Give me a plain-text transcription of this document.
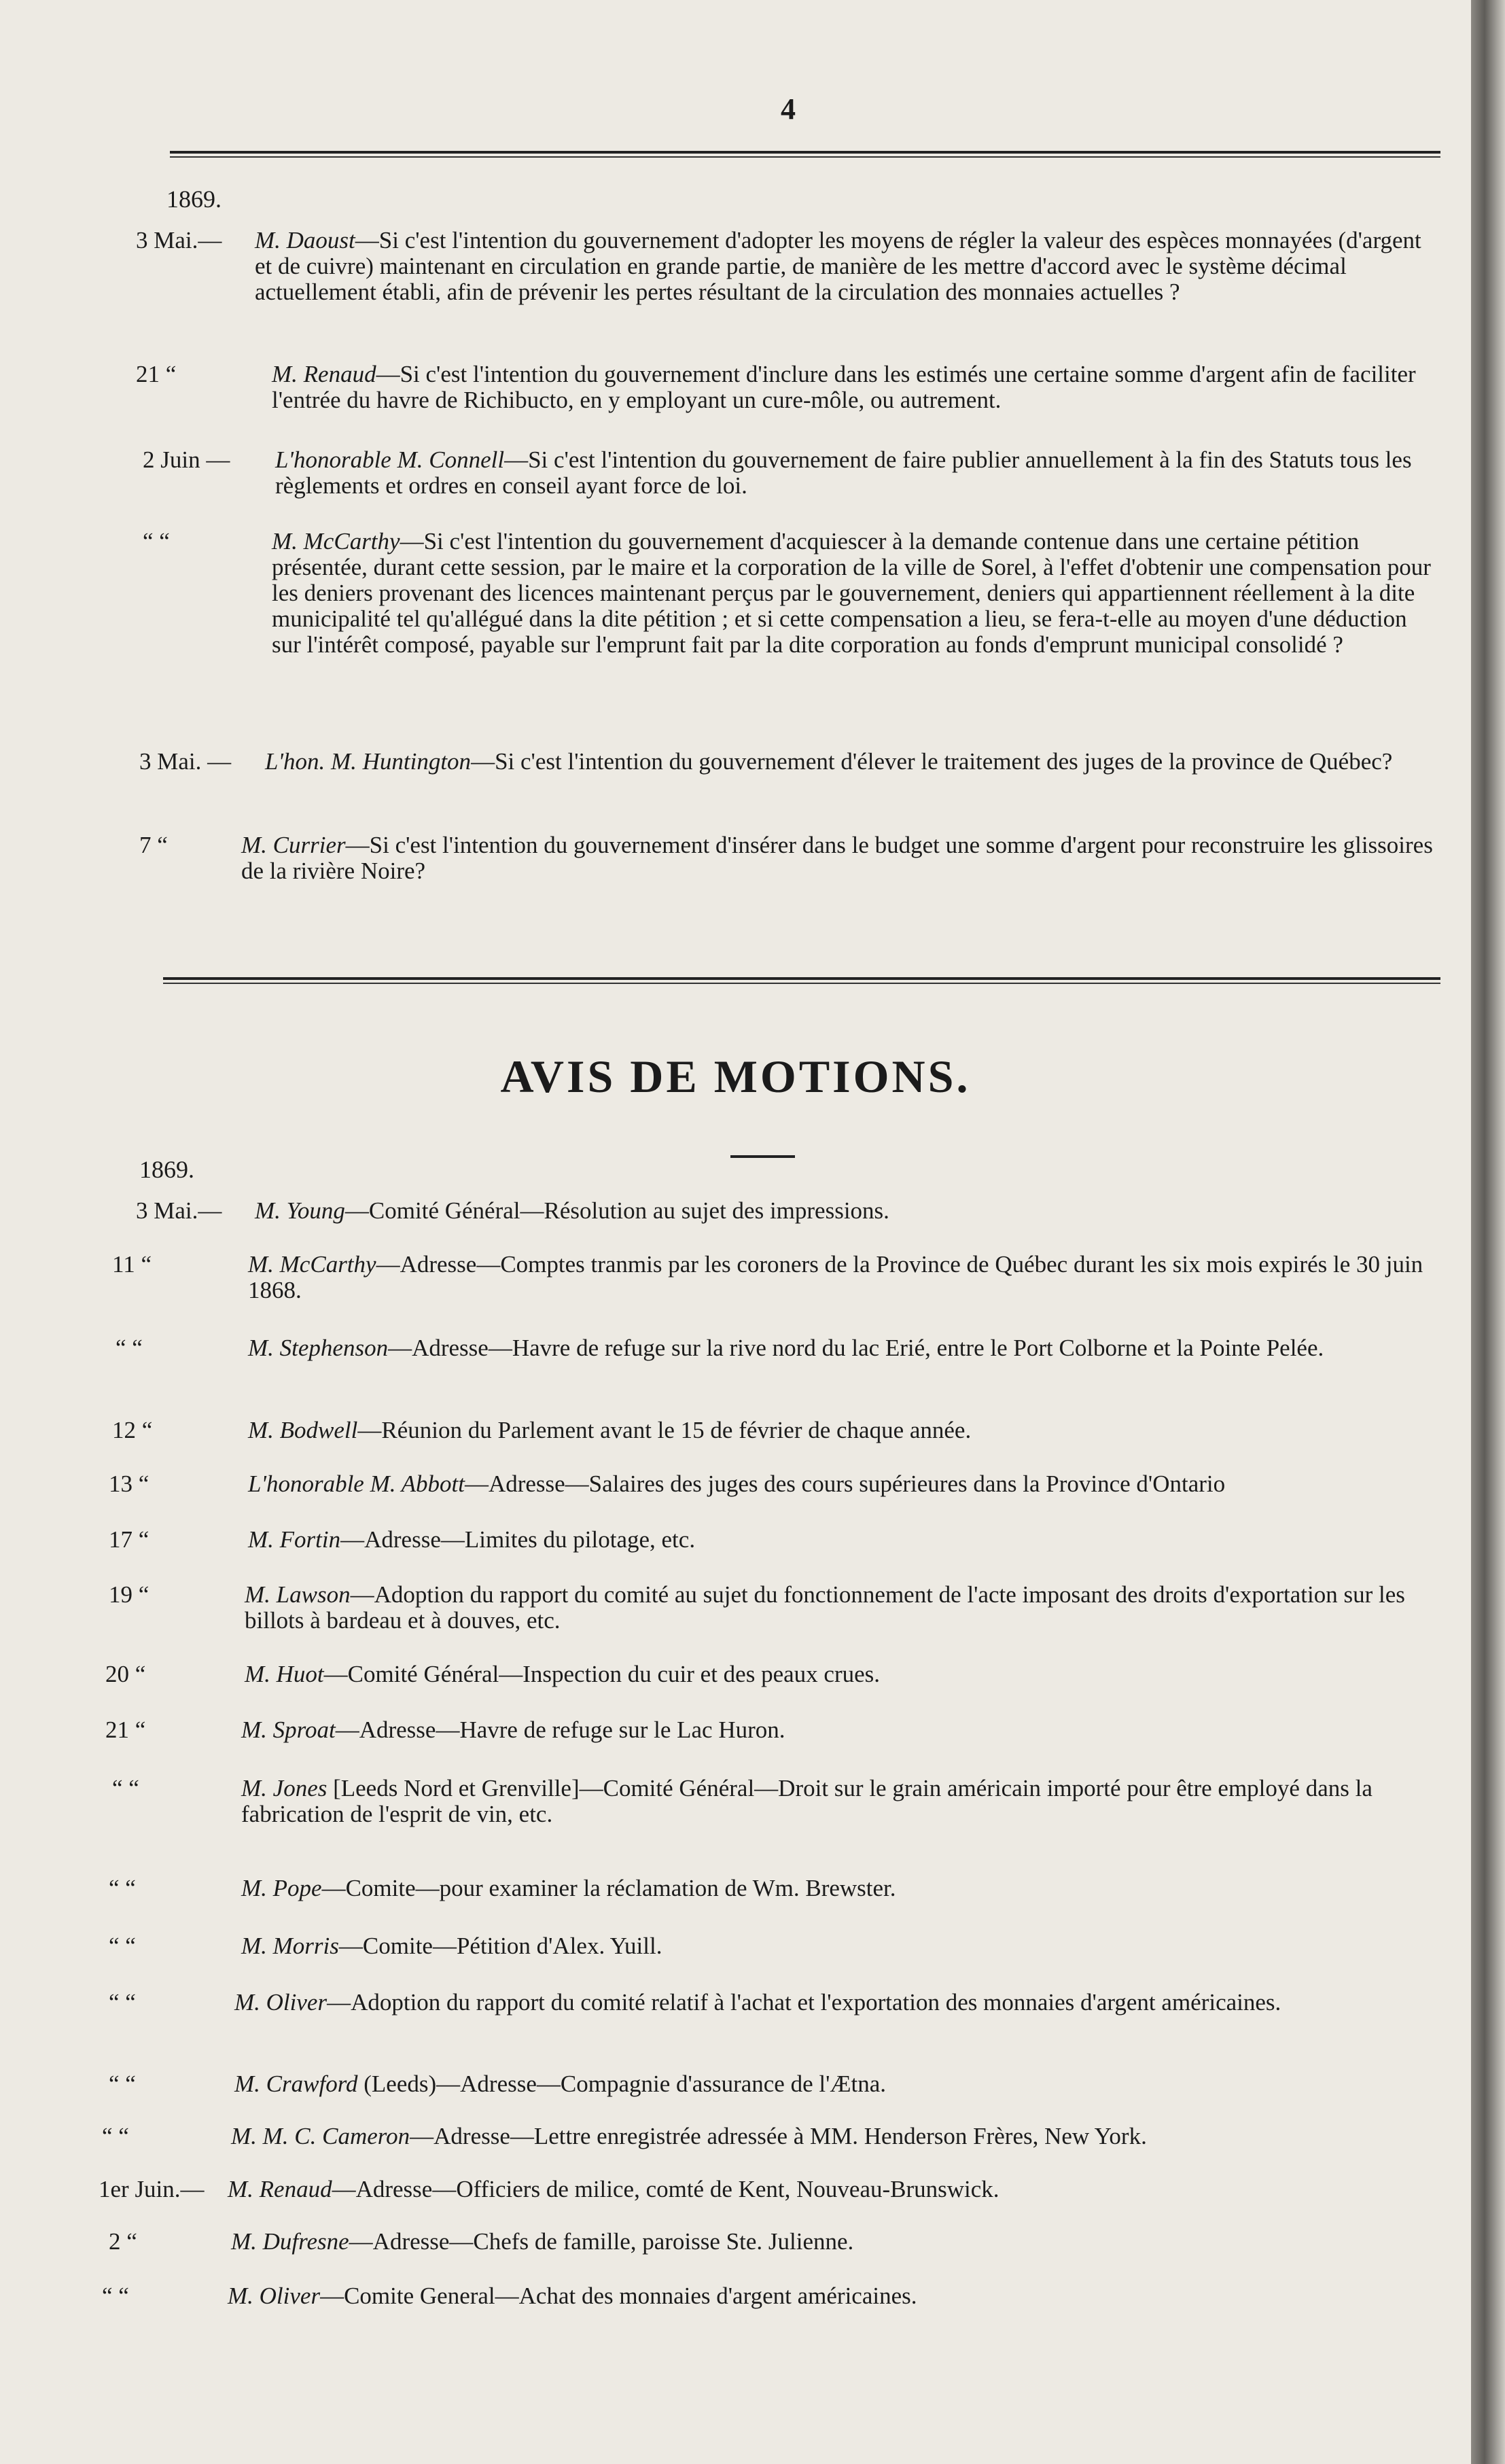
4
1869.
3 Mai.— M. Daoust—Si c'est l'intention du gouvernement d'adopter les moyens de régler la valeur des espèces monnayées (d'argent et de cuivre) maintenant en circulation en grande partie, de manière de les mettre d'accord avec le système décimal actuellement établi, afin de prévenir les pertes résultant de la circulation des monnaies actuelles ?
21 “	M. Renaud—Si c'est l'intention du gouvernement d'inclure dans les estimés une certaine somme d'argent afin de faciliter l'entrée du havre de Richibucto, en y employant un cure-môle, ou autrement.
2 Juin — L'honorable M. Connell—Si c'est l'intention du gouvernement de faire publier annuellement à la fin des Statuts tous les règlements et ordres en conseil ayant force de loi.
“ “	M. McCarthy—Si c'est l'intention du gouvernement d'acquiescer à la demande contenue dans une certaine pétition présentée, durant cette session, par le maire et la corporation de la ville de Sorel, à l'effet d'obtenir une compensation pour les deniers provenant des licences maintenant perçus par le gouvernement, deniers qui appartiennent réellement à la dite municipalité tel qu'allégué dans la dite pétition ; et si cette compensation a lieu, se fera-t-elle au moyen d'une déduction sur l'intérêt composé, payable sur l'emprunt fait par la dite corporation au fonds d'emprunt municipal consolidé ?
3 Mai. — L'hon. M. Huntington—Si c'est l'intention du gouvernement d'élever le traitement des juges de la province de Québec?
7 “	M. Currier—Si c'est l'intention du gouvernement d'insérer dans le budget une somme d'argent pour reconstruire les glissoires de la rivière Noire?
AVIS DE MOTIONS.
1869.
3 Mai.— M. Young—Comité Général—Résolution au sujet des impressions.
11 “	M. McCarthy—Adresse—Comptes tranmis par les coroners de la Province de Québec durant les six mois expirés le 30 juin 1868.
“ “	M. Stephenson—Adresse—Havre de refuge sur la rive nord du lac Erié, entre le Port Colborne et la Pointe Pelée.
12 “	M. Bodwell—Réunion du Parlement avant le 15 de février de chaque année.
13 “	L'honorable M. Abbott—Adresse—Salaires des juges des cours supérieures dans la Province d'Ontario
17 “	M. Fortin—Adresse—Limites du pilotage, etc.
19 “	M. Lawson—Adoption du rapport du comité au sujet du fonctionnement de l'acte imposant des droits d'exportation sur les billots à bardeau et à douves, etc.
20 “	M. Huot—Comité Général—Inspection du cuir et des peaux crues.
21 “	M. Sproat—Adresse—Havre de refuge sur le Lac Huron.
“ “	M. Jones [Leeds Nord et Grenville]—Comité Général—Droit sur le grain américain importé pour être employé dans la fabrication de l'esprit de vin, etc.
“ “	M. Pope—Comite—pour examiner la réclamation de Wm. Brewster.
“ “	M. Morris—Comite—Pétition d'Alex. Yuill.
“ “	M. Oliver—Adoption du rapport du comité relatif à l'achat et l'exportation des monnaies d'argent américaines.
“ “	M. Crawford (Leeds)—Adresse—Compagnie d'assurance de l'Ætna.
“ “	M. M. C. Cameron—Adresse—Lettre enregistrée adressée à MM. Henderson Frères, New York.
1er Juin.— M. Renaud—Adresse—Officiers de milice, comté de Kent, Nouveau-Brunswick.
2 “	M. Dufresne—Adresse—Chefs de famille, paroisse Ste. Julienne.
“ “	M. Oliver—Comite General—Achat des monnaies d'argent américaines.
